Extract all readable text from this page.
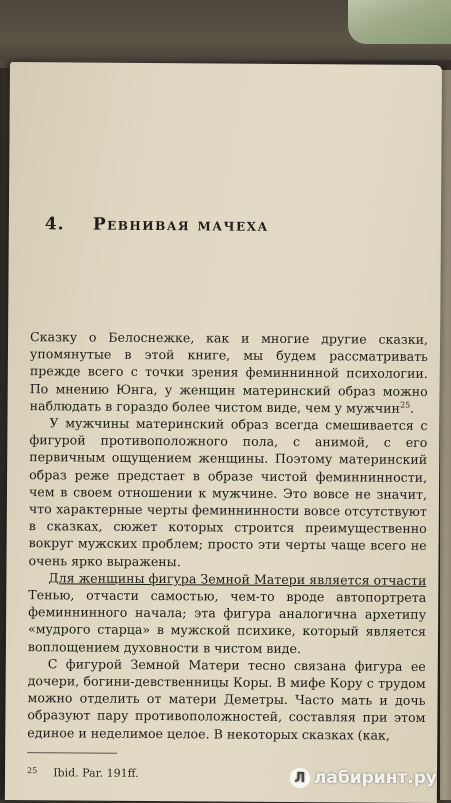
4. Ревнивая мачеха

Сказку о Белоснежке, как и многие другие сказки, упомянутые в этой книге, мы будем рассматривать прежде всего с точки зрения феминнинной психологии. По мнению Юнга, у женщин материнский образ можно наблюдать в гораздо более чистом виде, чем у мужчин$^{25}$.

У мужчины материнский образ всегда смешивается с фигурой противоположного пола, с анимой, с его первичным ощущением женщины. Поэтому материнский образ реже предстает в образе чистой феминнинности, чем в своем отношении к мужчине. Это вовсе не значит, что характерные черты феминнинности вовсе отсутствуют в сказках, сюжет которых строится преимущественно вокруг мужских проблем; просто эти черты чаще всего не очень ярко выражены.

Для женщины фигура Земной Матери является отчасти Тенью, отчасти самостью, чем-то вроде автопортрета феминнинного начала; эта фигура аналогична архетипу «мудрого старца» в мужской психике, который является воплощением духовности в чистом виде.

С фигурой Земной Матери тесно связана фигура ее дочери, богини-девственницы Коры. В мифе Кору с трудом можно отделить от матери Деметры. Часто мать и дочь образуют пару противоположностей, составляя при этом единое и неделимое целое. В некоторых сказках (как,

$^{25}$ Ibid. Par. 191ff.	Л лабиринт.ру
